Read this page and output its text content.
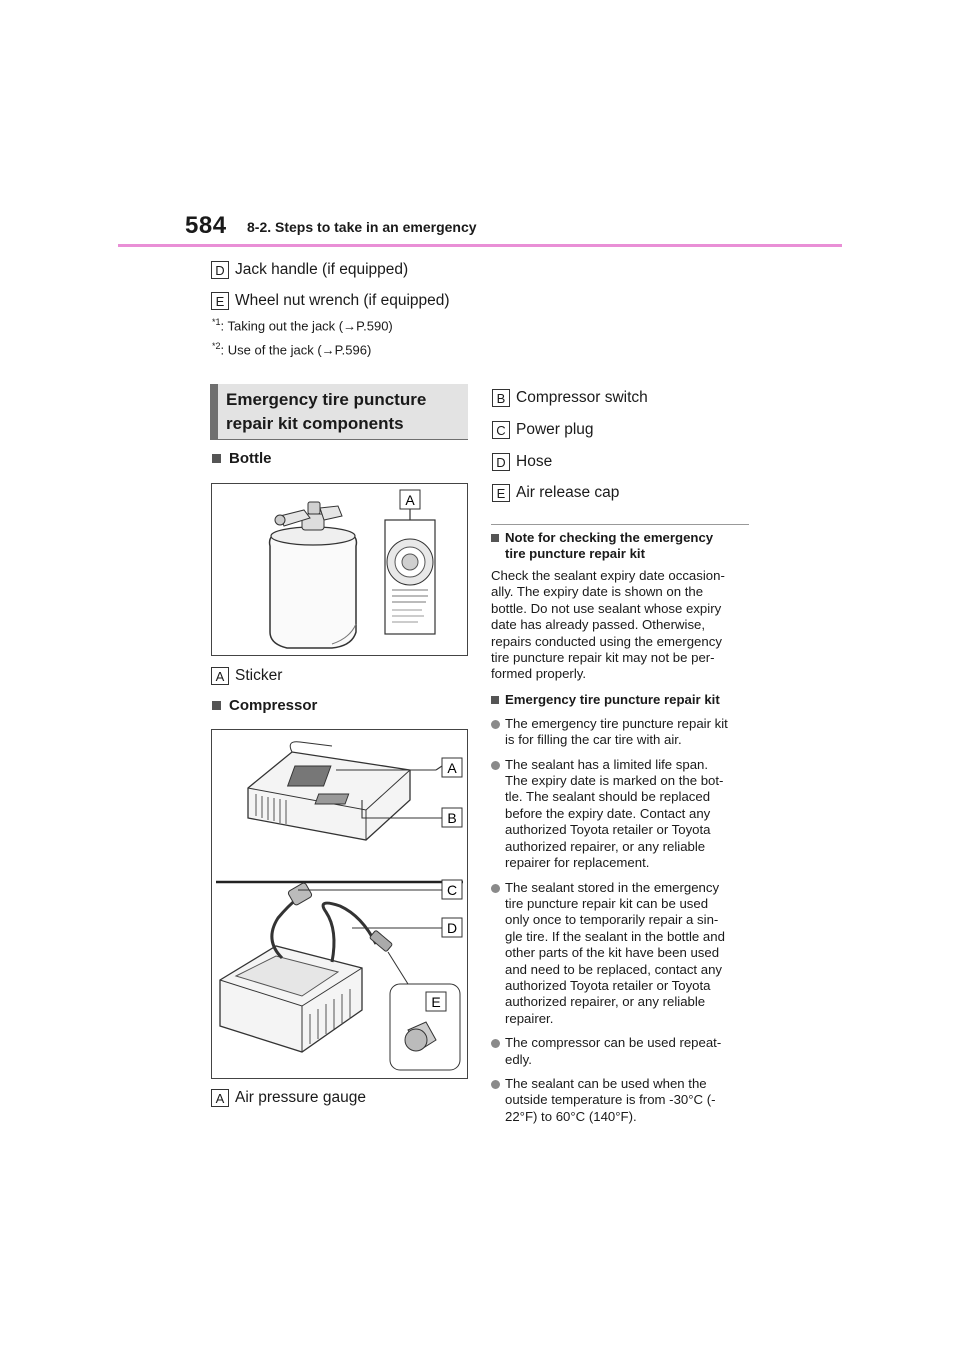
584 8-2. Steps to take in an emergency
D Jack handle (if equipped)
E Wheel nut wrench (if equipped)
$^{*1}$: Taking out the jack (→P.590)
$^{*2}$: Use of the jack (→P.596)
Emergency tire puncture
repair kit components
Bottle
A
A Sticker
Compressor
A
B
C
D
E
A Air pressure gauge
B Compressor switch
C Power plug
D Hose
E Air release cap
Note for checking the emergency
tire puncture repair kit
Check the sealant expiry date occasion-
ally. The expiry date is shown on the
bottle. Do not use sealant whose expiry
date has already passed. Otherwise,
repairs conducted using the emergency
tire puncture repair kit may not be per-
formed properly.
Emergency tire puncture repair kit
The emergency tire puncture repair kit
is for filling the car tire with air.
The sealant has a limited life span.
The expiry date is marked on the bot-
tle. The sealant should be replaced
before the expiry date. Contact any
authorized Toyota retailer or Toyota
authorized repairer, or any reliable
repairer for replacement.
The sealant stored in the emergency
tire puncture repair kit can be used
only once to temporarily repair a sin-
gle tire. If the sealant in the bottle and
other parts of the kit have been used
and need to be replaced, contact any
authorized Toyota retailer or Toyota
authorized repairer, or any reliable
repairer.
The compressor can be used repeat-
edly.
The sealant can be used when the
outside temperature is from -30°C (-
22°F) to 60°C (140°F).
